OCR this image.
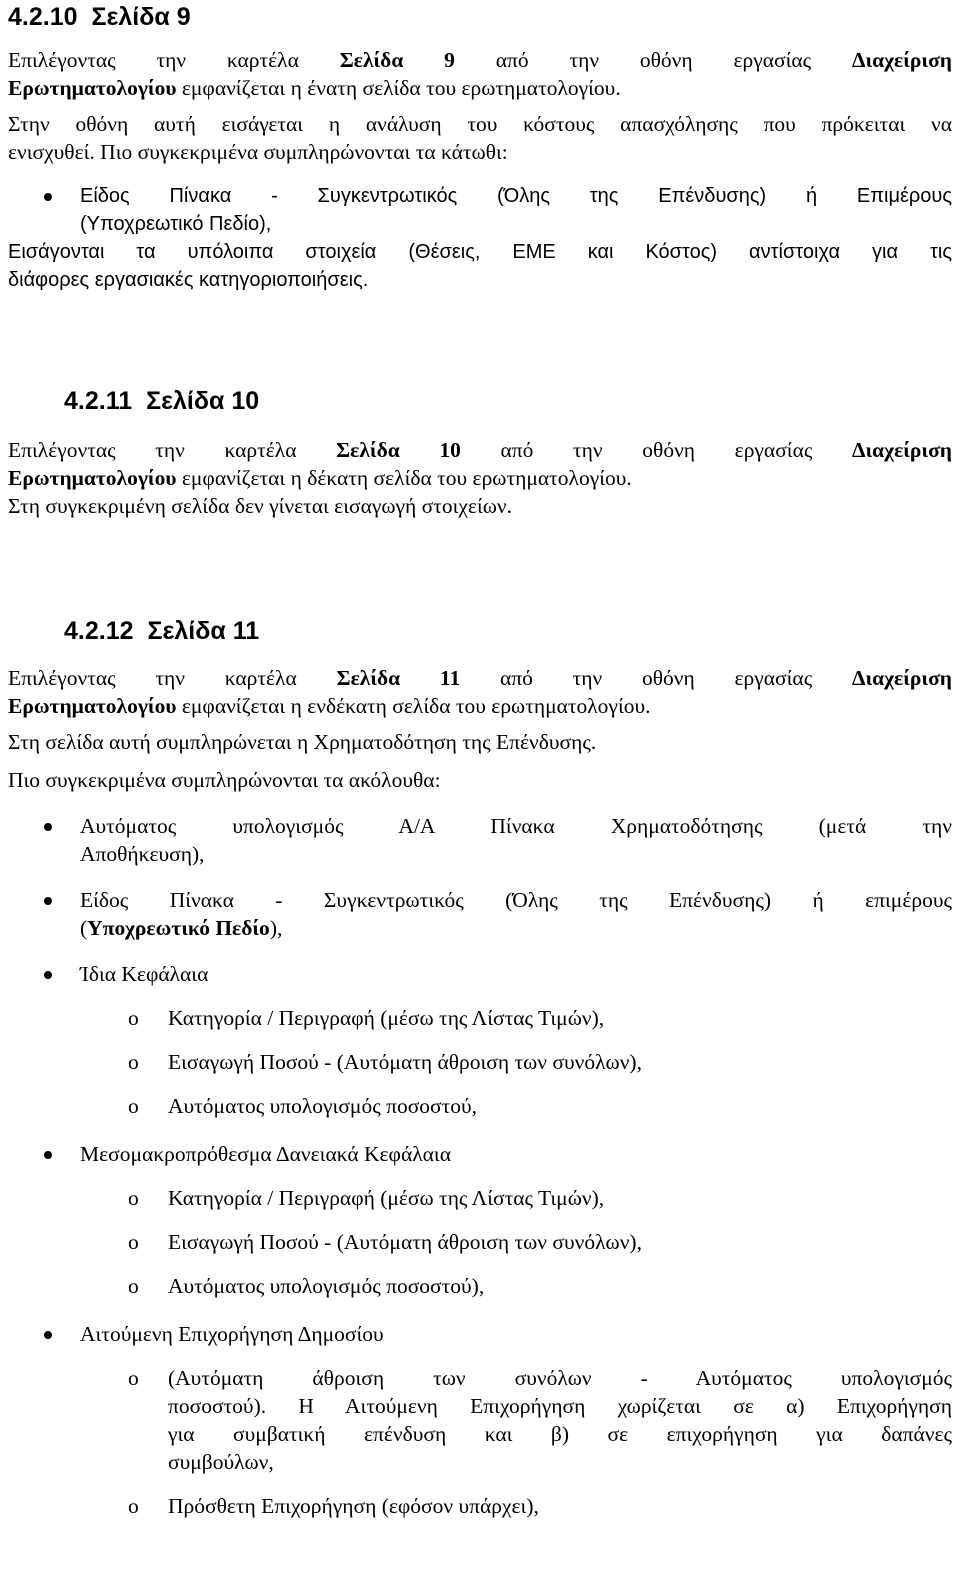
4.2.10 Σελίδα 9

Επιλέγοντας την καρτέλα Σελίδα 9 από την οθόνη εργασίας Διαχείριση

Ερωτηματολογίου εμφανίζεται η ένατη σελίδα του ερωτηματολογίου.

Στην οθόνη αυτή εισάγεται η ανάλυση του κόστους απασχόλησης που πρόκειται να

ενισχυθεί. Πιο συγκεκριμένα συμπληρώνονται τα κάτωθι:

Είδος Πίνακα - Συγκεντρωτικός (Όλης της Επένδυσης) ή Επιμέρους

(Υποχρεωτικό Πεδίο),

Εισάγονται τα υπόλοιπα στοιχεία (Θέσεις, ΕΜΕ και Κόστος) αντίστοιχα για τις

διάφορες εργασιακές κατηγοριοποιήσεις.

4.2.11 Σελίδα 10

Επιλέγοντας την καρτέλα Σελίδα 10 από την οθόνη εργασίας Διαχείριση

Ερωτηματολογίου εμφανίζεται η δέκατη σελίδα του ερωτηματολογίου.

Στη συγκεκριμένη σελίδα δεν γίνεται εισαγωγή στοιχείων.

4.2.12 Σελίδα 11

Επιλέγοντας την καρτέλα Σελίδα 11 από την οθόνη εργασίας Διαχείριση

Ερωτηματολογίου εμφανίζεται η ενδέκατη σελίδα του ερωτηματολογίου.

Στη σελίδα αυτή συμπληρώνεται η Χρηματοδότηση της Επένδυσης.

Πιο συγκεκριμένα συμπληρώνονται τα ακόλουθα:

Αυτόματος υπολογισμός Α/Α Πίνακα Χρηματοδότησης (μετά την

Αποθήκευση),

Είδος Πίνακα - Συγκεντρωτικός (Όλης της Επένδυσης) ή επιμέρους

(Υποχρεωτικό Πεδίο),

Ίδια Κεφάλαια

o Κατηγορία / Περιγραφή (μέσω της Λίστας Τιμών),

o Εισαγωγή Ποσού - (Αυτόματη άθροιση των συνόλων),

o Αυτόματος υπολογισμός ποσοστού,

Μεσομακροπρόθεσμα Δανειακά Κεφάλαια

o Κατηγορία / Περιγραφή (μέσω της Λίστας Τιμών),

o Εισαγωγή Ποσού - (Αυτόματη άθροιση των συνόλων),

o Αυτόματος υπολογισμός ποσοστού),

Αιτούμενη Επιχορήγηση Δημοσίου

o (Αυτόματη άθροιση των συνόλων - Αυτόματος υπολογισμός

ποσοστού). Η Αιτούμενη Επιχορήγηση χωρίζεται σε α) Επιχορήγηση

για συμβατική επένδυση και β) σε επιχορήγηση για δαπάνες

συμβούλων,

o Πρόσθετη Επιχορήγηση (εφόσον υπάρχει),
